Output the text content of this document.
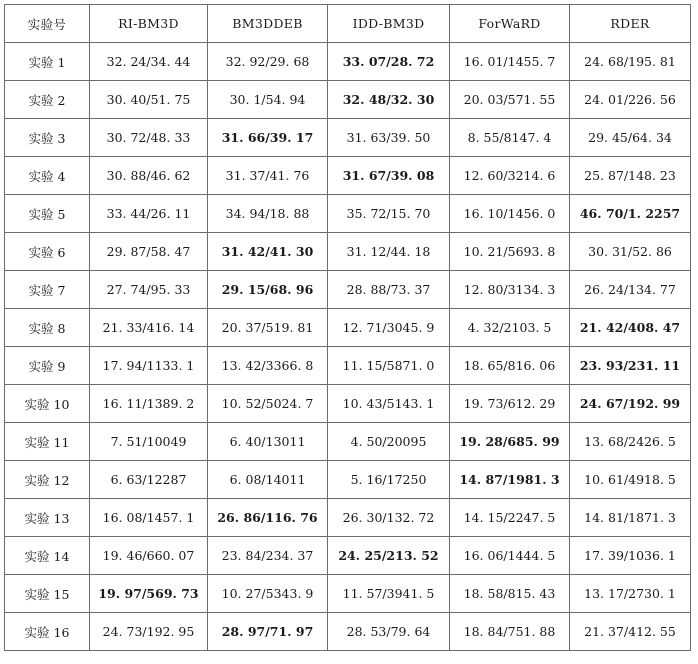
实验号	RI-BM3D	BM3DDEB	IDD-BM3D	ForWaRD	RDER
实验 1	32. 24/34. 44	32. 92/29. 68	33. 07/28. 72	16. 01/1455. 7	24. 68/195. 81
实验 2	30. 40/51. 75	30. 1/54. 94	32. 48/32. 30	20. 03/571. 55	24. 01/226. 56
实验 3	30. 72/48. 33	31. 66/39. 17	31. 63/39. 50	8. 55/8147. 4	29. 45/64. 34
实验 4	30. 88/46. 62	31. 37/41. 76	31. 67/39. 08	12. 60/3214. 6	25. 87/148. 23
实验 5	33. 44/26. 11	34. 94/18. 88	35. 72/15. 70	16. 10/1456. 0	46. 70/1. 2257
实验 6	29. 87/58. 47	31. 42/41. 30	31. 12/44. 18	10. 21/5693. 8	30. 31/52. 86
实验 7	27. 74/95. 33	29. 15/68. 96	28. 88/73. 37	12. 80/3134. 3	26. 24/134. 77
实验 8	21. 33/416. 14	20. 37/519. 81	12. 71/3045. 9	4. 32/2103. 5	21. 42/408. 47
实验 9	17. 94/1133. 1	13. 42/3366. 8	11. 15/5871. 0	18. 65/816. 06	23. 93/231. 11
实验 10	16. 11/1389. 2	10. 52/5024. 7	10. 43/5143. 1	19. 73/612. 29	24. 67/192. 99
实验 11	7. 51/10049	6. 40/13011	4. 50/20095	19. 28/685. 99	13. 68/2426. 5
实验 12	6. 63/12287	6. 08/14011	5. 16/17250	14. 87/1981. 3	10. 61/4918. 5
实验 13	16. 08/1457. 1	26. 86/116. 76	26. 30/132. 72	14. 15/2247. 5	14. 81/1871. 3
实验 14	19. 46/660. 07	23. 84/234. 37	24. 25/213. 52	16. 06/1444. 5	17. 39/1036. 1
实验 15	19. 97/569. 73	10. 27/5343. 9	11. 57/3941. 5	18. 58/815. 43	13. 17/2730. 1
实验 16	24. 73/192. 95	28. 97/71. 97	28. 53/79. 64	18. 84/751. 88	21. 37/412. 55
